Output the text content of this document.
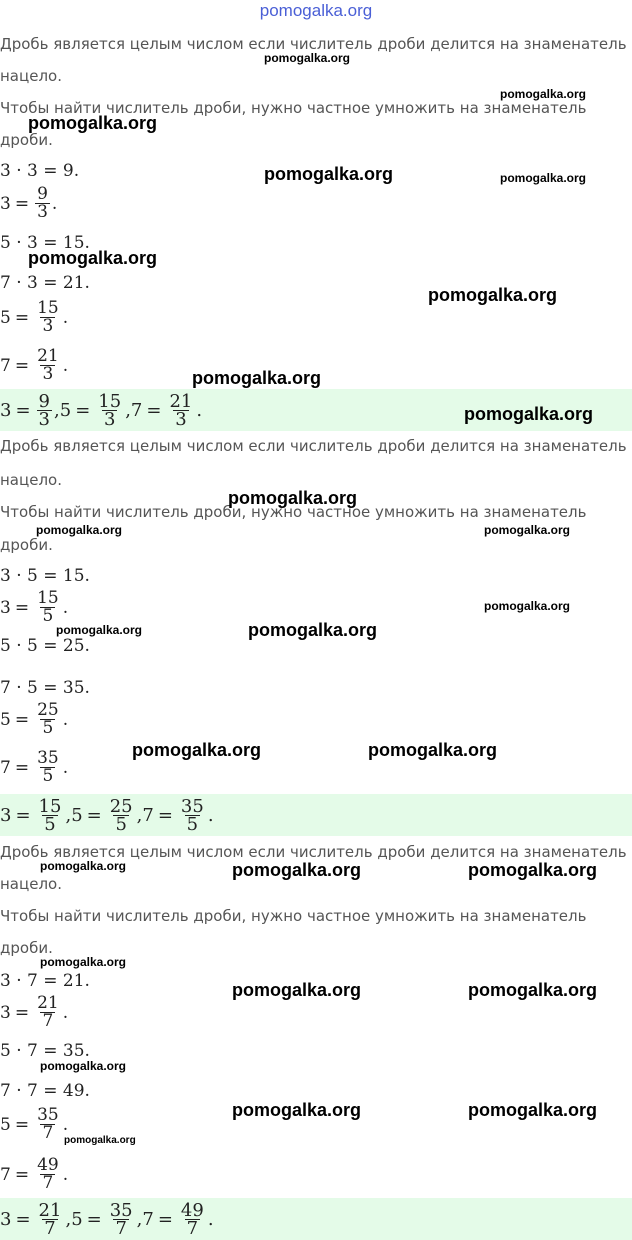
pomogalka.org
Дробь является целым числом если числитель дроби делится на знаменатель
нацело.
Чтобы найти числитель дроби, нужно частное умножить на знаменатель
дроби.
3 · 3 = 9.
$3 = \frac{9}{3}$ .
5 · 3 = 15.
7 · 3 = 21.
$5 = \frac{15}{3}$ .
$7 = \frac{21}{3}$ .
$3 = \frac{9}{3}$ , $5 = \frac{15}{3}$ , $7 = \frac{21}{3}$ .
Дробь является целым числом если числитель дроби делится на знаменатель
нацело.
Чтобы найти числитель дроби, нужно частное умножить на знаменатель
дроби.
3 · 5 = 15.
$3 = \frac{15}{5}$ .
5 · 5 = 25.
7 · 5 = 35.
$5 = \frac{25}{5}$ .
$7 = \frac{35}{5}$ .
$3 = \frac{15}{5}$ , $5 = \frac{25}{5}$ , $7 = \frac{35}{5}$ .
Дробь является целым числом если числитель дроби делится на знаменатель
нацело.
Чтобы найти числитель дроби, нужно частное умножить на знаменатель
дроби.
3 · 7 = 21.
$3 = \frac{21}{7}$ .
5 · 7 = 35.
7 · 7 = 49.
$5 = \frac{35}{7}$ .
$7 = \frac{49}{7}$ .
$3 = \frac{21}{7}$ , $5 = \frac{35}{7}$ , $7 = \frac{49}{7}$ .
pomogalka.org
pomogalka.org
pomogalka.org
pomogalka.org	pomogalka.org
pomogalka.org
pomogalka.org
pomogalka.org
pomogalka.org
pomogalka.org
pomogalka.org	pomogalka.org
pomogalka.org
pomogalka.org	pomogalka.org
pomogalka.org	pomogalka.org
pomogalka.org	pomogalka.org	pomogalka.org
pomogalka.org
pomogalka.org	pomogalka.org
pomogalka.org
pomogalka.org	pomogalka.org
pomogalka.org
